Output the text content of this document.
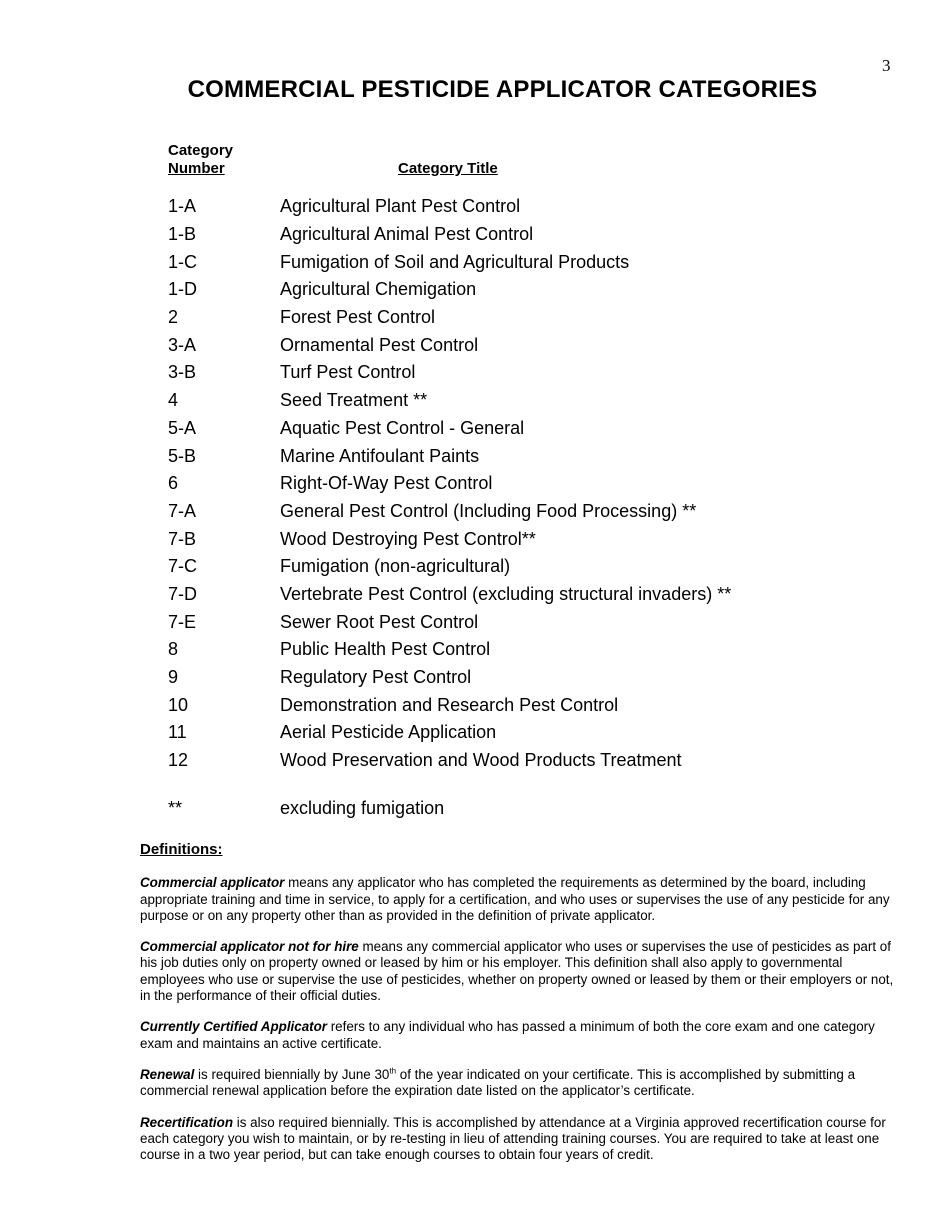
3
COMMERCIAL PESTICIDE APPLICATOR CATEGORIES
Category
Number	Category Title
1-A	Agricultural Plant Pest Control
1-B	Agricultural Animal Pest Control
1-C	Fumigation of Soil and Agricultural Products
1-D	Agricultural Chemigation
2	Forest Pest Control
3-A	Ornamental Pest Control
3-B	Turf Pest Control
4	Seed Treatment **
5-A	Aquatic Pest Control - General
5-B	Marine Antifoulant Paints
6	Right-Of-Way Pest Control
7-A	General Pest Control (Including Food Processing) **
7-B	Wood Destroying Pest Control**
7-C	Fumigation (non-agricultural)
7-D	Vertebrate Pest Control (excluding structural invaders) **
7-E	Sewer Root Pest Control
8	Public Health Pest Control
9	Regulatory Pest Control
10	Demonstration and Research Pest Control
11	Aerial Pesticide Application
12	Wood Preservation and Wood Products Treatment
**	excluding fumigation
Definitions:

Commercial applicator means any applicator who has completed the requirements as determined by the board, including appropriate training and time in service, to apply for a certification, and who uses or supervises the use of any pesticide for any purpose or on any property other than as provided in the definition of private applicator.

Commercial applicator not for hire means any commercial applicator who uses or supervises the use of pesticides as part of his job duties only on property owned or leased by him or his employer. This definition shall also apply to governmental employees who use or supervise the use of pesticides, whether on property owned or leased by them or their employers or not, in the performance of their official duties.

Currently Certified Applicator refers to any individual who has passed a minimum of both the core exam and one category exam and maintains an active certificate.

Renewal is required biennially by June 30th of the year indicated on your certificate. This is accomplished by submitting a commercial renewal application before the expiration date listed on the applicator’s certificate.

Recertification is also required biennially. This is accomplished by attendance at a Virginia approved recertification course for each category you wish to maintain, or by re-testing in lieu of attending training courses. You are required to take at least one course in a two year period, but can take enough courses to obtain four years of credit.
